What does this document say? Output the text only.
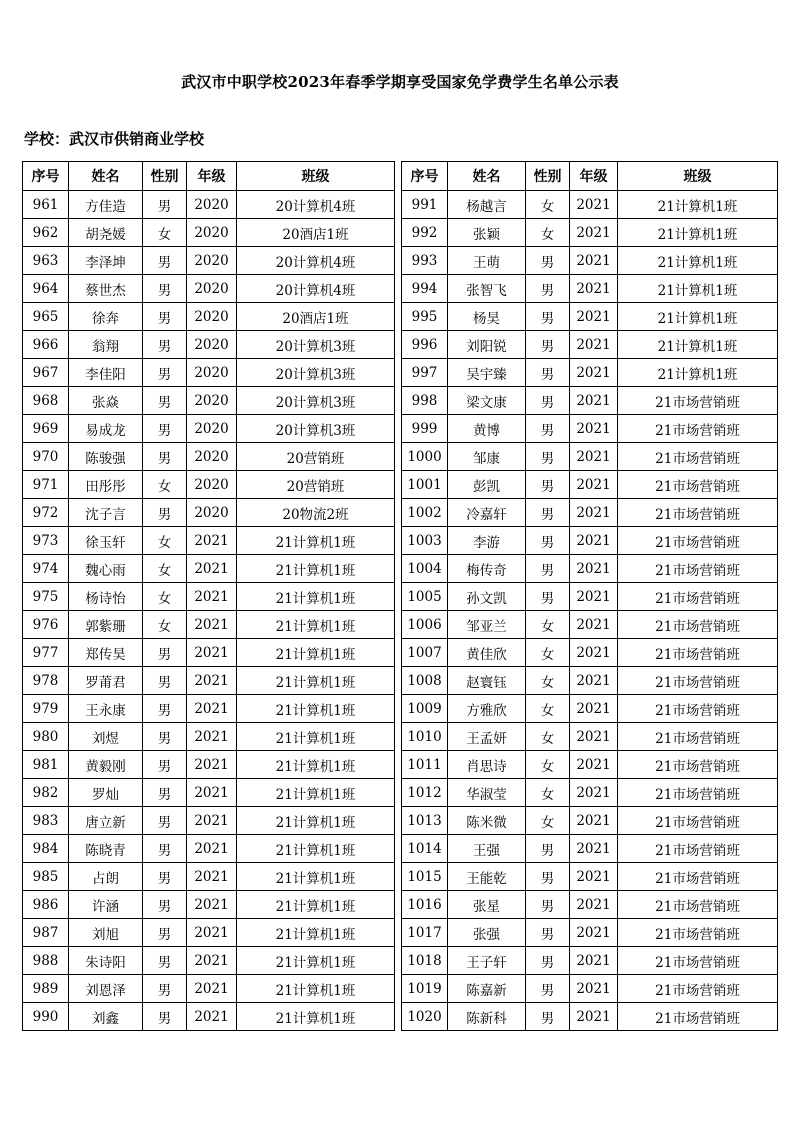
武汉市中职学校2023年春季学期享受国家免学费学生名单公示表
学校：武汉市供销商业学校
序号	姓名	性别	年级	班级
961	方佳造	男	2020	20计算机4班
962	胡尧媛	女	2020	20酒店1班
963	李泽坤	男	2020	20计算机4班
964	蔡世杰	男	2020	20计算机4班
965	徐奔	男	2020	20酒店1班
966	翁翔	男	2020	20计算机3班
967	李佳阳	男	2020	20计算机3班
968	张焱	男	2020	20计算机3班
969	易成龙	男	2020	20计算机3班
970	陈骏强	男	2020	20营销班
971	田彤彤	女	2020	20营销班
972	沈子言	男	2020	20物流2班
973	徐玉轩	女	2021	21计算机1班
974	魏心雨	女	2021	21计算机1班
975	杨诗怡	女	2021	21计算机1班
976	郭紫珊	女	2021	21计算机1班
977	郑传昊	男	2021	21计算机1班
978	罗莆君	男	2021	21计算机1班
979	王永康	男	2021	21计算机1班
980	刘煜	男	2021	21计算机1班
981	黄毅刚	男	2021	21计算机1班
982	罗灿	男	2021	21计算机1班
983	唐立新	男	2021	21计算机1班
984	陈晓青	男	2021	21计算机1班
985	占朗	男	2021	21计算机1班
986	许涵	男	2021	21计算机1班
987	刘旭	男	2021	21计算机1班
988	朱诗阳	男	2021	21计算机1班
989	刘恩泽	男	2021	21计算机1班
990	刘鑫	男	2021	21计算机1班
序号	姓名	性别	年级	班级
991	杨越言	女	2021	21计算机1班
992	张颖	女	2021	21计算机1班
993	王萌	男	2021	21计算机1班
994	张智飞	男	2021	21计算机1班
995	杨昊	男	2021	21计算机1班
996	刘阳锐	男	2021	21计算机1班
997	吴宇臻	男	2021	21计算机1班
998	梁文康	男	2021	21市场营销班
999	黄博	男	2021	21市场营销班
1000	邹康	男	2021	21市场营销班
1001	彭凯	男	2021	21市场营销班
1002	冷嘉轩	男	2021	21市场营销班
1003	李游	男	2021	21市场营销班
1004	梅传奇	男	2021	21市场营销班
1005	孙文凯	男	2021	21市场营销班
1006	邹亚兰	女	2021	21市场营销班
1007	黄佳欣	女	2021	21市场营销班
1008	赵寰钰	女	2021	21市场营销班
1009	方雅欣	女	2021	21市场营销班
1010	王孟妍	女	2021	21市场营销班
1011	肖思诗	女	2021	21市场营销班
1012	华淑莹	女	2021	21市场营销班
1013	陈米微	女	2021	21市场营销班
1014	王强	男	2021	21市场营销班
1015	王能乾	男	2021	21市场营销班
1016	张星	男	2021	21市场营销班
1017	张强	男	2021	21市场营销班
1018	王子轩	男	2021	21市场营销班
1019	陈嘉新	男	2021	21市场营销班
1020	陈新科	男	2021	21市场营销班
